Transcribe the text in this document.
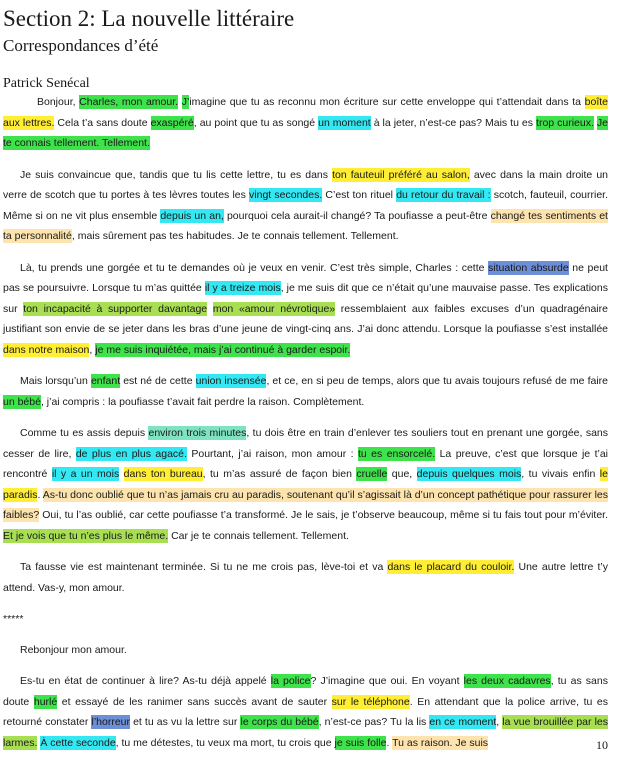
Section 2: La nouvelle littéraire
Correspondances d’été
Patrick Senécal

Bonjour, Charles, mon amour. J’imagine que tu as reconnu mon écriture sur cette enveloppe qui t’attendait dans ta boîte aux lettres. Cela t’a sans doute exaspéré, au point que tu as songé un moment à la jeter, n’est-ce pas? Mais tu es trop curieux. Je te connais tellement. Tellement.

Je suis convaincue que, tandis que tu lis cette lettre, tu es dans ton fauteuil préféré au salon, avec dans la main droite un verre de scotch que tu portes à tes lèvres toutes les vingt secondes. C’est ton rituel du retour du travail : scotch, fauteuil, courrier. Même si on ne vit plus ensemble depuis un an, pourquoi cela aurait-il changé? Ta poufiasse a peut-être changé tes sentiments et ta personnalité, mais sûrement pas tes habitudes. Je te connais tellement. Tellement.

Là, tu prends une gorgée et tu te demandes où je veux en venir. C’est très simple, Charles : cette situation absurde ne peut pas se poursuivre. Lorsque tu m’as quittée il y a treize mois, je me suis dit que ce n’était qu’une mauvaise passe. Tes explications sur ton incapacité à supporter davantage mon «amour névrotique» ressemblaient aux faibles excuses d’un quadragénaire justifiant son envie de se jeter dans les bras d’une jeune de vingt-cinq ans. J’ai donc attendu. Lorsque la poufiasse s’est installée dans notre maison, je me suis inquiétée, mais j’ai continué à garder espoir.

Mais lorsqu’un enfant est né de cette union insensée, et ce, en si peu de temps, alors que tu avais toujours refusé de me faire un bébé, j’ai compris : la poufiasse t’avait fait perdre la raison. Complètement.

Comme tu es assis depuis environ trois minutes, tu dois être en train d’enlever tes souliers tout en prenant une gorgée, sans cesser de lire, de plus en plus agacé. Pourtant, j’ai raison, mon amour : tu es ensorcelé. La preuve, c’est que lorsque je t’ai rencontré il y a un mois dans ton bureau, tu m’as assuré de façon bien cruelle que, depuis quelques mois, tu vivais enfin le paradis. As-tu donc oublié que tu n’as jamais cru au paradis, soutenant qu’il s’agissait là d’un concept pathétique pour rassurer les faibles? Oui, tu l’as oublié, car cette poufiasse t’a transformé. Je le sais, je t’observe beaucoup, même si tu fais tout pour m’éviter. Et je vois que tu n’es plus le même. Car je te connais tellement. Tellement.

Ta fausse vie est maintenant terminée. Si tu ne me crois pas, lève-toi et va dans le placard du couloir. Une autre lettre t’y attend. Vas-y, mon amour.

*****

Rebonjour mon amour.

Es-tu en état de continuer à lire? As-tu déjà appelé la police? J’imagine que oui. En voyant les deux cadavres, tu as sans doute hurlé et essayé de les ranimer sans succès avant de sauter sur le téléphone. En attendant que la police arrive, tu es retourné constater l’horreur et tu as vu la lettre sur le corps du bébé, n’est-ce pas? Tu la lis en ce moment, la vue brouillée par les larmes. À cette seconde, tu me détestes, tu veux ma mort, tu crois que je suis folle. Tu as raison. Je suis	10
